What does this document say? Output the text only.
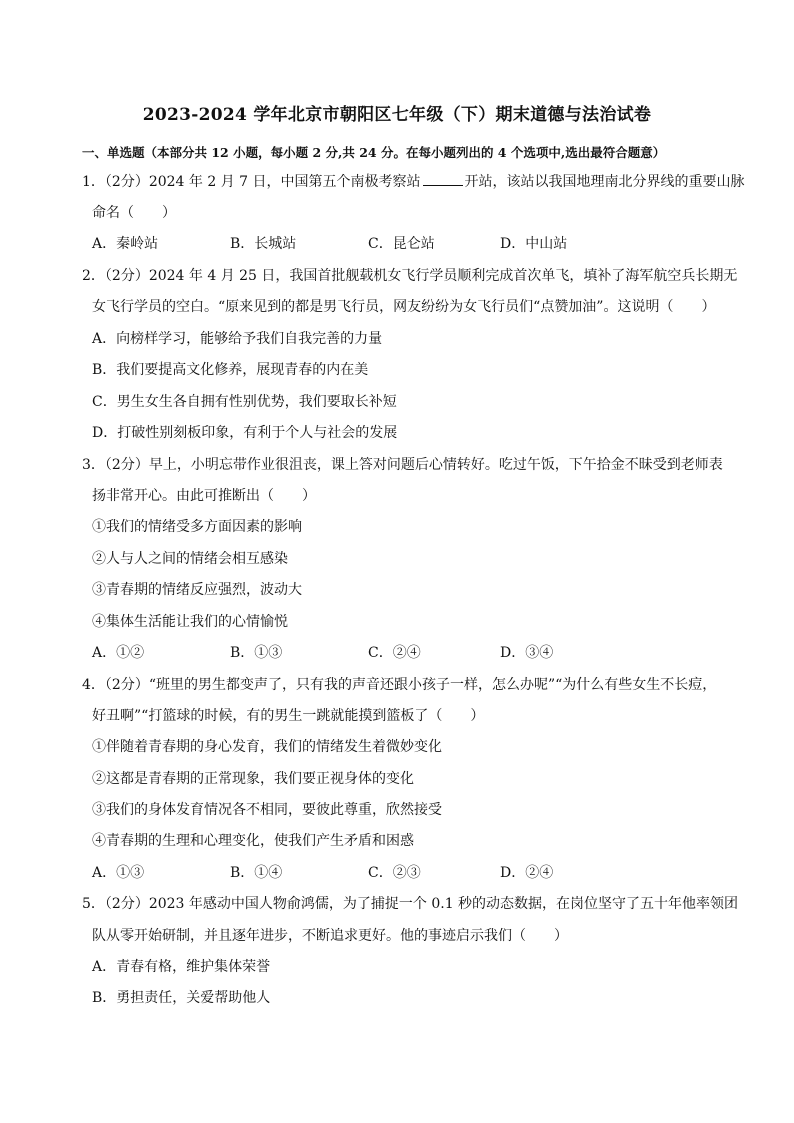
2023-2024 学年北京市朝阳区七年级（下）期末道德与法治试卷
一、单选题（本部分共 12 小题，每小题 2 分,共 24 分。在每小题列出的 4 个选项中,选出最符合题意）
1．（2分）2024 年 2 月 7 日，中国第五个南极考察站	开站，该站以我国地理南北分界线的重要山脉
命名（　　）
A．秦岭站	B．长城站	C．昆仑站	D．中山站
2．（2分）2024 年 4 月 25 日，我国首批舰载机女飞行学员顺利完成首次单飞，填补了海军航空兵长期无
女飞行学员的空白。“原来见到的都是男飞行员，网友纷纷为女飞行员们“点赞加油”。这说明（　　）
A．向榜样学习，能够给予我们自我完善的力量
B．我们要提高文化修养，展现青春的内在美
C．男生女生各自拥有性别优势，我们要取长补短
D．打破性别刻板印象，有利于个人与社会的发展
3．（2分）早上，小明忘带作业很沮丧，课上答对问题后心情转好。吃过午饭，下午拾金不昧受到老师表
扬非常开心。由此可推断出（　　）
①我们的情绪受多方面因素的影响
②人与人之间的情绪会相互感染
③青春期的情绪反应强烈，波动大
④集体生活能让我们的心情愉悦
A．①②	B．①③	C．②④	D．③④
4．（2分）“班里的男生都变声了，只有我的声音还跟小孩子一样，怎么办呢”“为什么有些女生不长痘，
好丑啊”“打篮球的时候，有的男生一跳就能摸到篮板了（　　）
①伴随着青春期的身心发育，我们的情绪发生着微妙变化
②这都是青春期的正常现象，我们要正视身体的变化
③我们的身体发育情况各不相同，要彼此尊重，欣然接受
④青春期的生理和心理变化，使我们产生矛盾和困惑
A．①③	B．①④	C．②③	D．②④
5．（2分）2023 年感动中国人物俞鸿儒，为了捕捉一个 0.1 秒的动态数据，在岗位坚守了五十年他率领团
队从零开始研制，并且逐年进步，不断追求更好。他的事迹启示我们（　　）
A．青春有格，维护集体荣誉
B．勇担责任，关爱帮助他人
